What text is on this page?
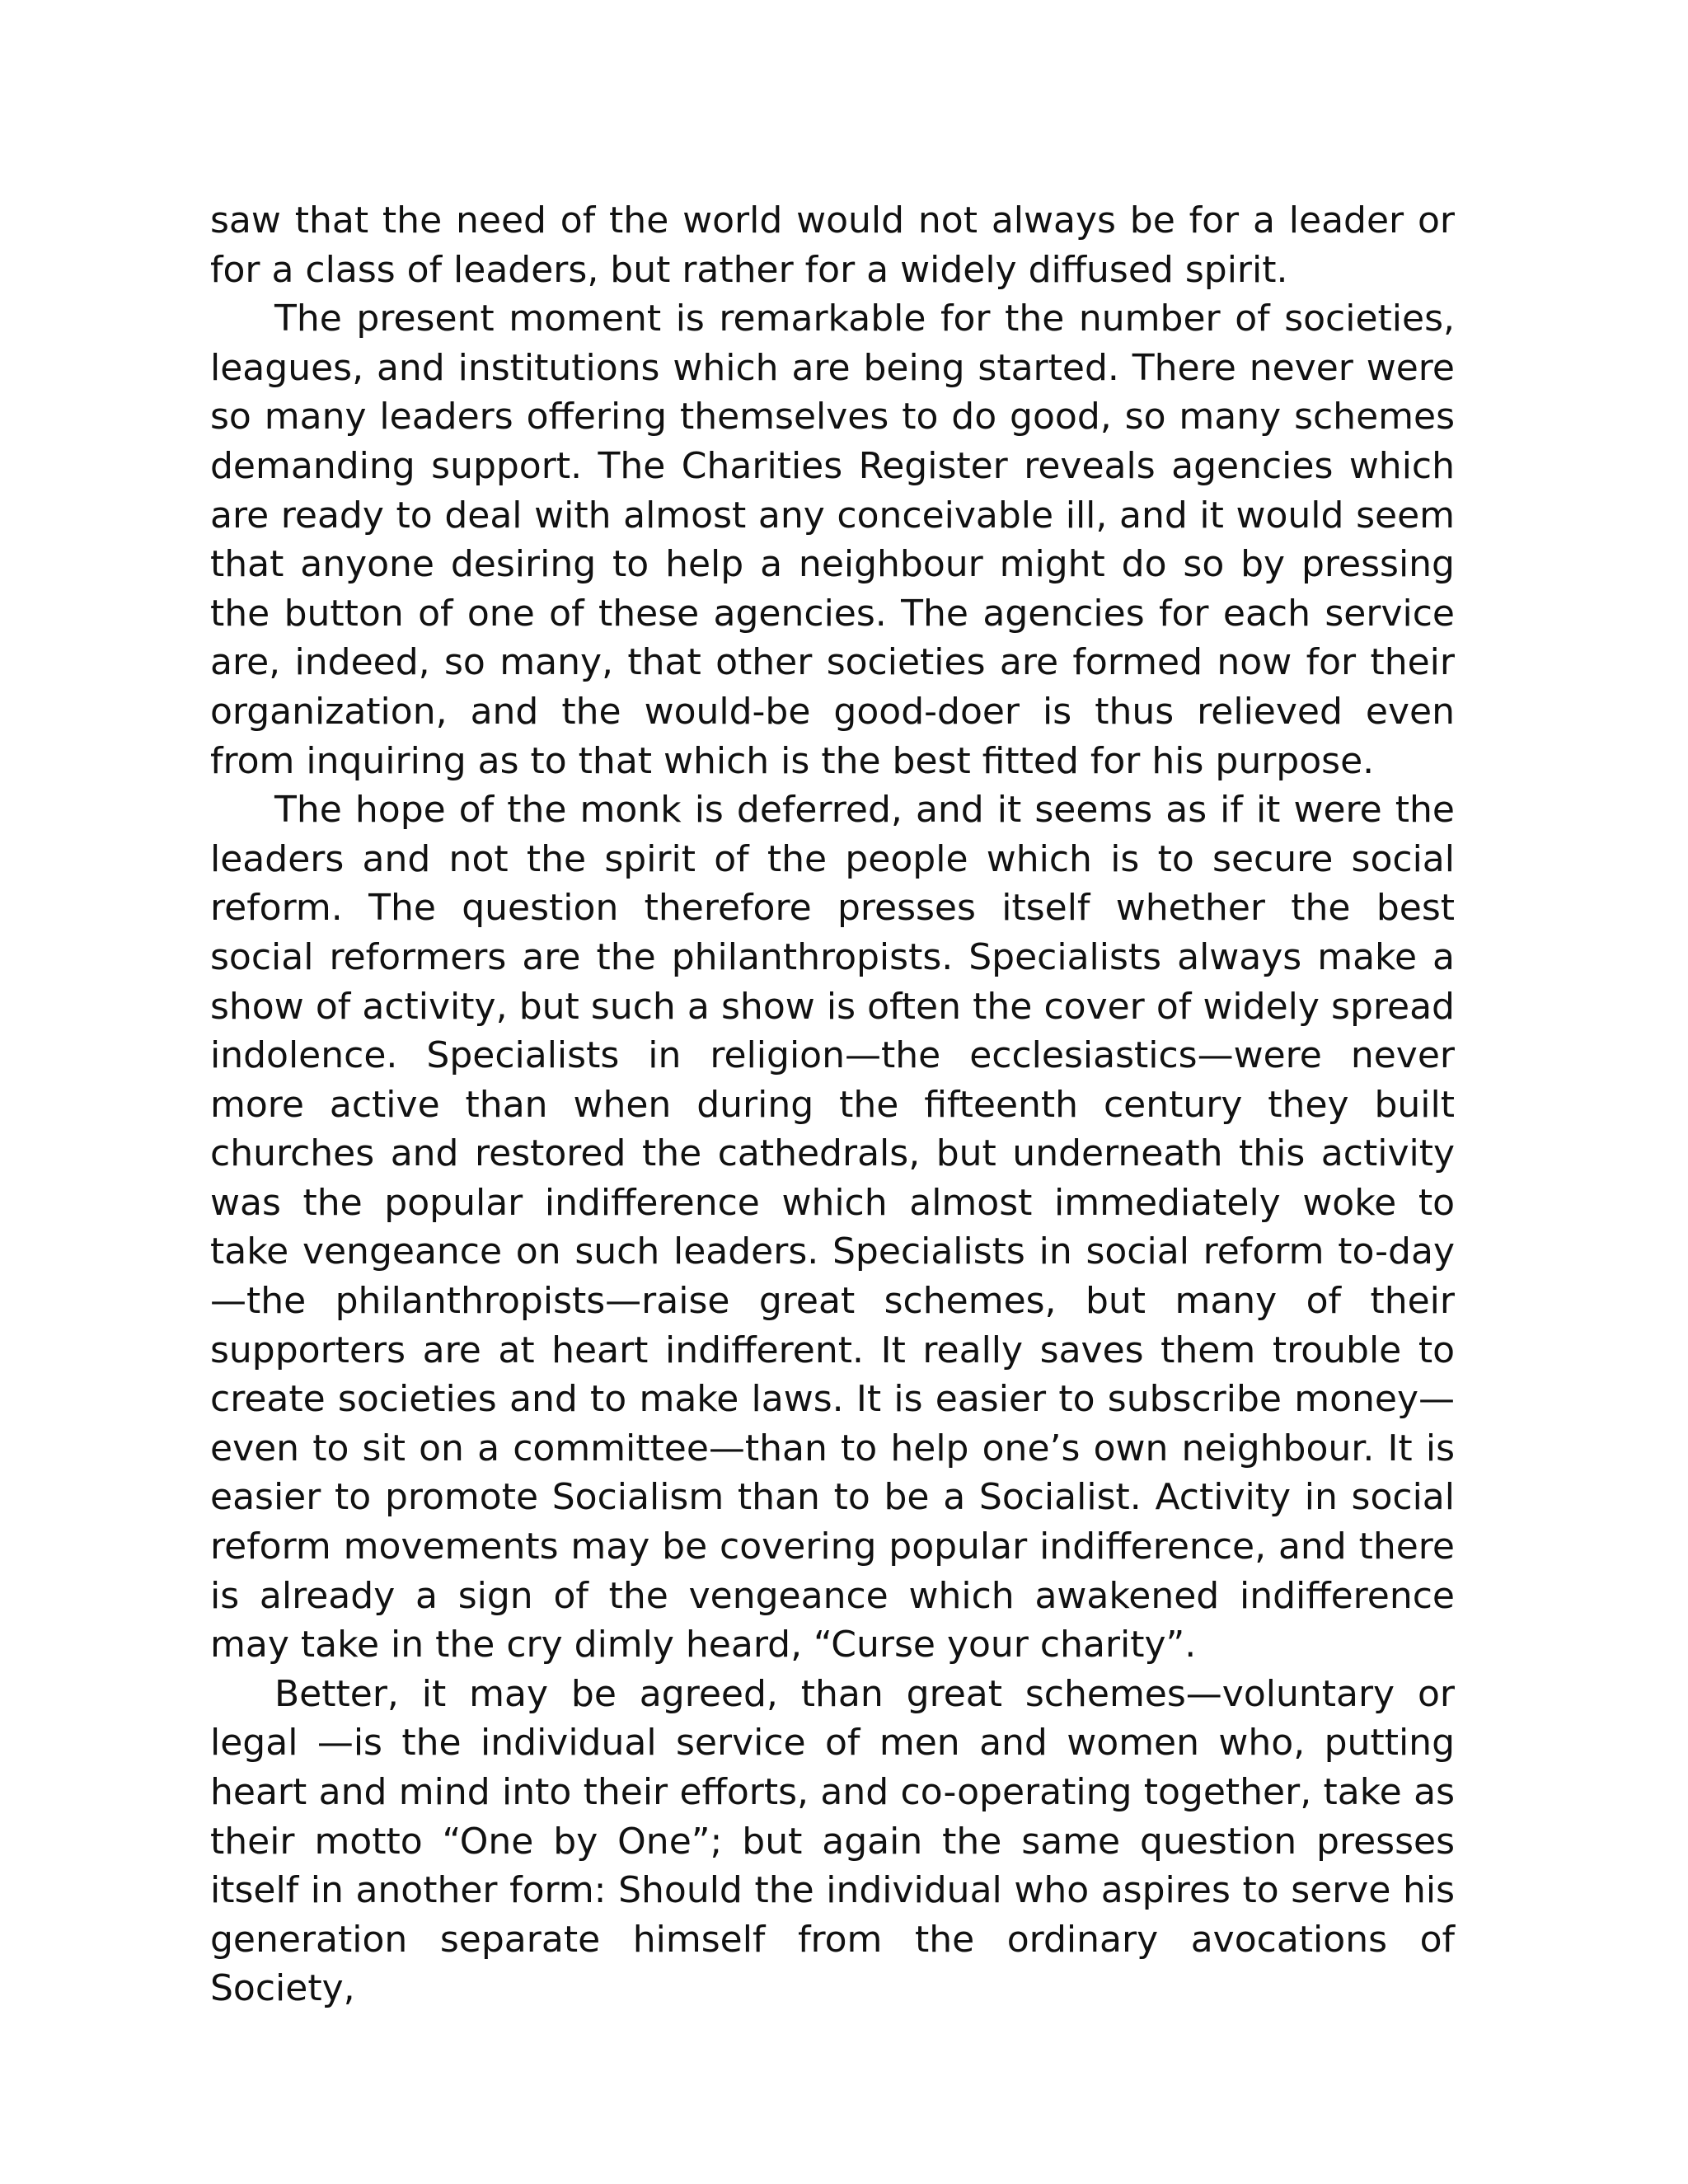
saw that the need of the world would not always be for a leader or for a class of leaders, but rather for a widely diffused spirit.

The present moment is remarkable for the number of societies, leagues, and institutions which are being started. There never were so many leaders offering themselves to do good, so many schemes demanding support. The Charities Register reveals agencies which are ready to deal with almost any conceivable ill, and it would seem that anyone desiring to help a neighbour might do so by pressing the button of one of these agencies. The agencies for each service are, indeed, so many, that other societies are formed now for their organization, and the would-be good-doer is thus relieved even from inquiring as to that which is the best fitted for his purpose.

The hope of the monk is deferred, and it seems as if it were the leaders and not the spirit of the people which is to secure social reform. The question therefore presses itself whether the best social reformers are the philanthropists. Specialists always make a show of activity, but such a show is often the cover of widely spread indolence. Specialists in religion—the ecclesiastics—were never more active than when during the fifteenth century they built churches and restored the cathedrals, but underneath this activity was the popular indifference which almost immediately woke to take vengeance on such leaders. Specialists in social reform to-day—the philanthropists—raise great schemes, but many of their supporters are at heart indifferent. It really saves them trouble to create societies and to make laws. It is easier to subscribe money—even to sit on a committee—than to help one’s own neighbour. It is easier to promote Socialism than to be a Socialist. Activity in social reform movements may be covering popular indifference, and there is already a sign of the vengeance which awakened indifference may take in the cry dimly heard, “Curse your charity”.

Better, it may be agreed, than great schemes—voluntary or legal —is the individual service of men and women who, putting heart and mind into their efforts, and co-operating together, take as their motto “One by One”; but again the same question presses itself in another form: Should the individual who aspires to serve his generation separate himself from the ordinary avocations of Society,
